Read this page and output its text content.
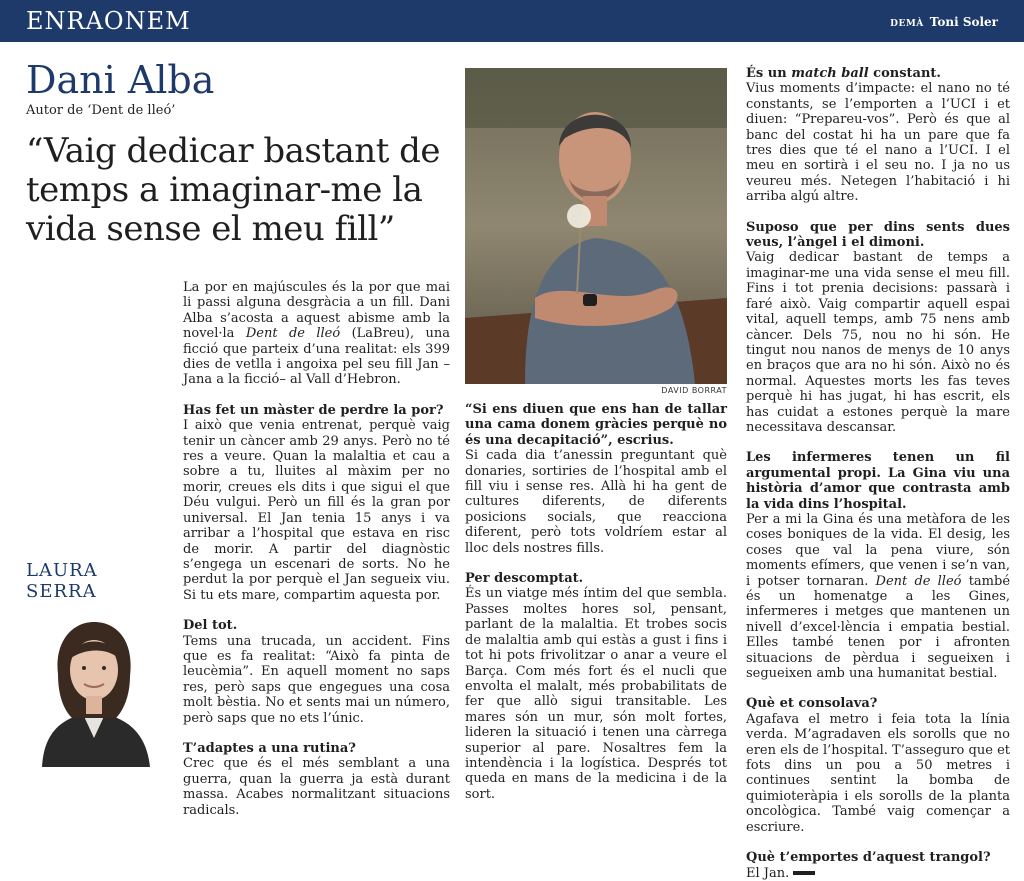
ENRAONEM	DEMÀ Toni Soler
Dani Alba
Autor de ‘Dent de lleó’
“Vaig dedicar bastant de temps a imaginar-me la vida sense el meu fill”

La por en majúscules és la por que mai li passi alguna desgràcia a un fill. Dani Alba s’acosta a aquest abisme amb la novel·la Dent de lleó (LaBreu), una ficció que parteix d’una realitat: els 399 dies de vetlla i angoixa pel seu fill Jan –Jana a la ficció– al Vall d’Hebron.

Has fet un màster de perdre la por?

I això que venia entrenat, perquè vaig tenir un càncer amb 29 anys. Però no té res a veure. Quan la malaltia et cau a sobre a tu, lluites al màxim per no morir, creues els dits i que sigui el que Déu vulgui. Però un fill és la gran por universal. El Jan tenia 15 anys i va arribar a l’hospital que estava en risc de morir. A partir del diagnòstic s’engega un escenari de sorts. No he perdut la por perquè el Jan segueix viu. Si tu ets mare, compartim aquesta por.

Del tot.

Tems una trucada, un accident. Fins que es fa realitat: “Això fa pinta de leucèmia”. En aquell moment no saps res, però saps que engegues una cosa molt bèstia. No et sents mai un número, però saps que no ets l’únic.

T’adaptes a una rutina?

Crec que és el més semblant a una guerra, quan la guerra ja està durant massa. Acabes normalitzant situacions radicals.

LAURA
SERRA
DAVID BORRAT

“Si ens diuen que ens han de tallar una cama donem gràcies perquè no és una decapitació”, escrius.

Si cada dia t’anessin preguntant què donaries, sortiries de l’hospital amb el fill viu i sense res. Allà hi ha gent de cultures diferents, de diferents posicions socials, que reacciona diferent, però tots voldríem estar al lloc dels nostres fills.

Per descomptat.

És un viatge més íntim del que sembla. Passes moltes hores sol, pensant, parlant de la malaltia. Et trobes socis de malaltia amb qui estàs a gust i fins i tot hi pots frivolitzar o anar a veure el Barça. Com més fort és el nucli que envolta el malalt, més probabilitats de fer que allò sigui transitable. Les mares són un mur, són molt fortes, lideren la situació i tenen una càrrega superior al pare. Nosaltres fem la intendència i la logística. Després tot queda en mans de la medicina i de la sort.

És un match ball constant.

Vius moments d’impacte: el nano no té constants, se l’emporten a l’UCI i et diuen: “Prepareu-vos”. Però és que al banc del costat hi ha un pare que fa tres dies que té el nano a l’UCI. I el meu en sortirà i el seu no. I ja no us veureu més. Netegen l’habitació i hi arriba algú altre.

Suposo que per dins sents dues veus, l’àngel i el dimoni.

Vaig dedicar bastant de temps a imaginar-me una vida sense el meu fill. Fins i tot prenia decisions: passarà i faré això. Vaig compartir aquell espai vital, aquell temps, amb 75 nens amb càncer. Dels 75, nou no hi són. He tingut nou nanos de menys de 10 anys en braços que ara no hi són. Això no és normal. Aquestes morts les fas teves perquè hi has jugat, hi has escrit, els has cuidat a estones perquè la mare necessitava descansar.

Les infermeres tenen un fil argumental propi. La Gina viu una història d’amor que contrasta amb la vida dins l’hospital.

Per a mi la Gina és una metàfora de les coses boniques de la vida. El desig, les coses que val la pena viure, són moments efímers, que venen i se’n van, i potser tornaran. Dent de lleó també és un homenatge a les Gines, infermeres i metges que mantenen un nivell d’excel·lència i empatia bestial. Elles també tenen por i afronten situacions de pèrdua i segueixen i segueixen amb una humanitat bestial.

Què et consolava?

Agafava el metro i feia tota la línia verda. M’agradaven els sorolls que no eren els de l’hospital. T’asseguro que et fots dins un pou a 50 metres i continues sentint la bomba de quimioteràpia i els sorolls de la planta oncològica. També vaig començar a escriure.

Què t’emportes d’aquest trangol?

El Jan.
